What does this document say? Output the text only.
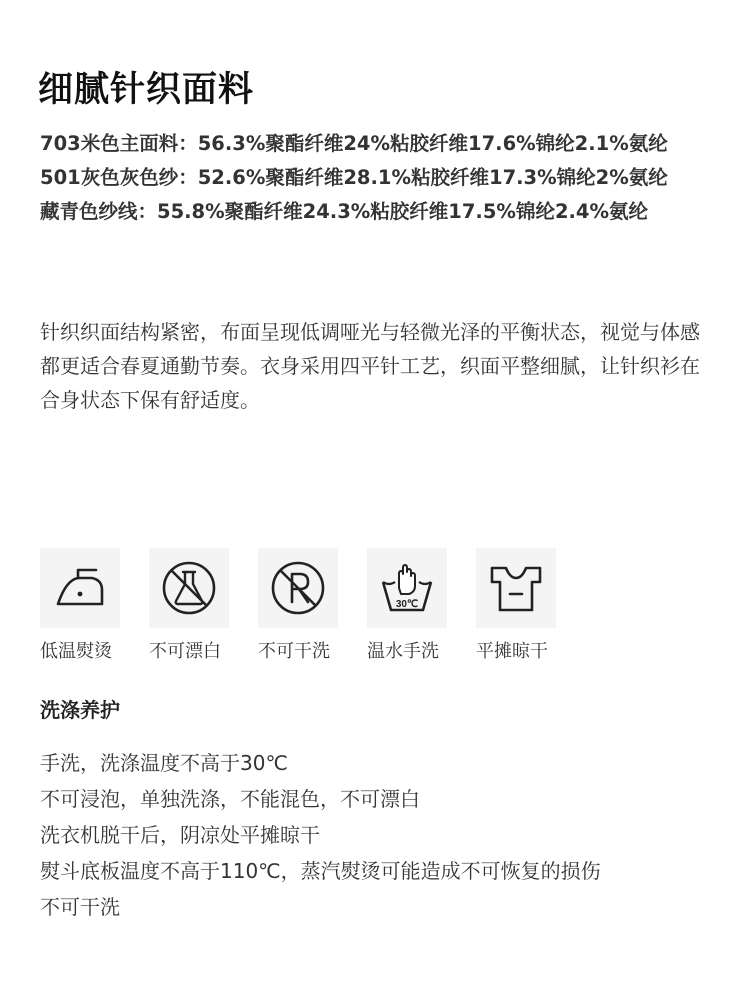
细腻针织面料
703米色主面料：56.3%聚酯纤维24%粘胶纤维17.6%锦纶2.1%氨纶
501灰色灰色纱：52.6%聚酯纤维28.1%粘胶纤维17.3%锦纶2%氨纶
藏青色纱线：55.8%聚酯纤维24.3%粘胶纤维17.5%锦纶2.4%氨纶
针织织面结构紧密，布面呈现低调哑光与轻微光泽的平衡状态，视觉与体感都更适合春夏通勤节奏。衣身采用四平针工艺，织面平整细腻，让针织衫在合身状态下保有舒适度。
低温熨烫	不可漂白	不可干洗
30℃
温水手洗	平摊晾干
洗涤养护
手洗，洗涤温度不高于30℃
不可浸泡，单独洗涤，不能混色，不可漂白
洗衣机脱干后，阴凉处平摊晾干
熨斗底板温度不高于110℃，蒸汽熨烫可能造成不可恢复的损伤
不可干洗
